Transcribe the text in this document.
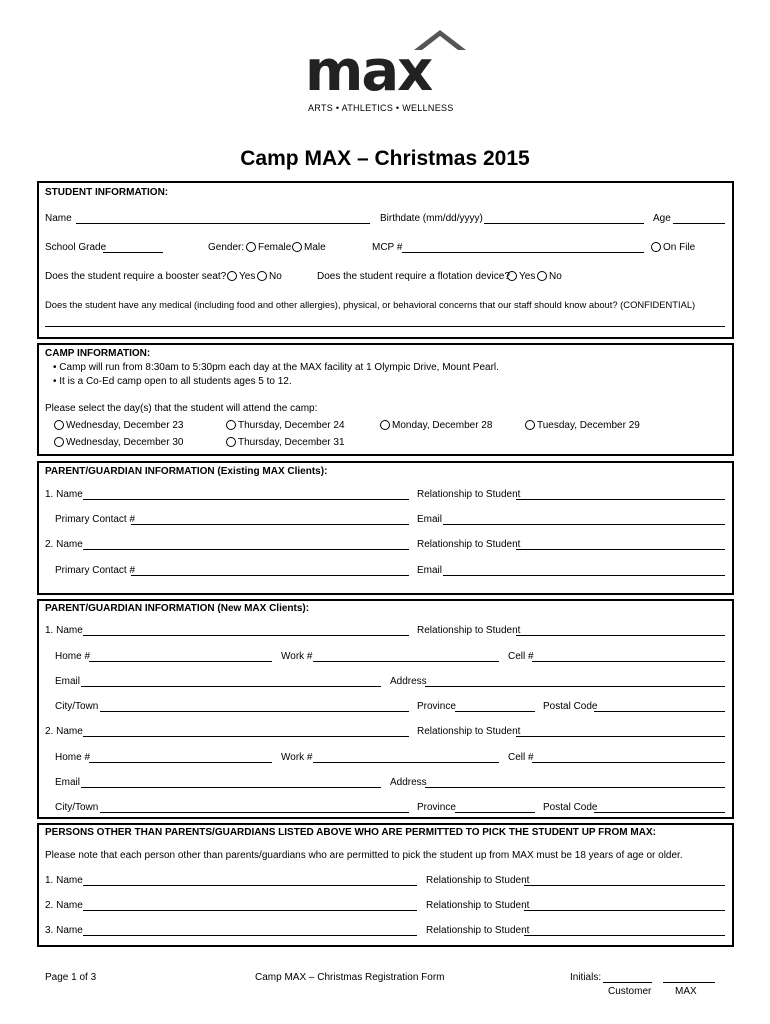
max
ARTS • ATHLETICS • WELLNESS
Camp MAX – Christmas 2015
STUDENT INFORMATION:
Name	Birthdate (mm/dd/yyyy)	Age
School Grade	Gender:	Female	Male	MCP #	On File
Does the student require a booster seat?	Yes	No	Does the student require a flotation device? Yes	No
Does the student have any medical (including food and other allergies), physical, or behavioral concerns that our staff should know about? (CONFIDENTIAL)
CAMP INFORMATION:
• Camp will run from 8:30am to 5:30pm each day at the MAX facility at 1 Olympic Drive, Mount Pearl.
• It is a Co-Ed camp open to all students ages 5 to 12.
Please select the day(s) that the student will attend the camp:
Wednesday, December 23	Thursday, December 24	Monday, December 28	Tuesday, December 29
Wednesday, December 30	Thursday, December 31
PARENT/GUARDIAN INFORMATION (Existing MAX Clients):
1. Name	Relationship to Student
Primary Contact #	Email
2. Name	Relationship to Student
Primary Contact #	Email
PARENT/GUARDIAN INFORMATION (New MAX Clients):
1. Name	Relationship to Student
Home #	Work #	Cell #
Email	Address
City/Town	Province	Postal Code
2. Name	Relationship to Student
Home #	Work #	Cell #
Email	Address
City/Town	Province	Postal Code
PERSONS OTHER THAN PARENTS/GUARDIANS LISTED ABOVE WHO ARE PERMITTED TO PICK THE STUDENT UP FROM MAX:
Please note that each person other than parents/guardians who are permitted to pick the student up from MAX must be 18 years of age or older.
1. Name	Relationship to Student
2. Name	Relationship to Student
3. Name	Relationship to Student
Page 1 of 3	Camp MAX – Christmas Registration Form	Initials:
Customer MAX
